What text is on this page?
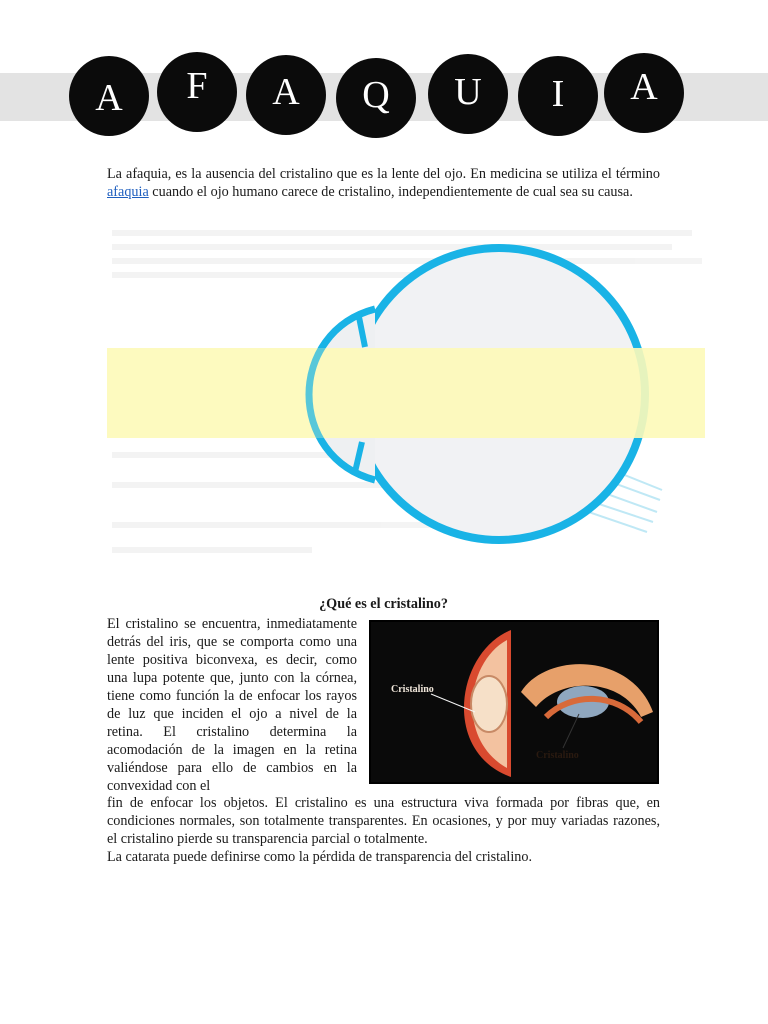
A F A Q U I A

La afaquia, es la ausencia del cristalino que es la lente del ojo. En medicina se utiliza el término afaquia cuando el ojo humano carece de cristalino, independientemente de cual sea su causa.

¿Qué es el cristalino?

El cristalino se encuentra, inmediatamente detrás del iris, que se comporta como una lente positiva biconvexa, es decir, como una lupa potente que, junto con la córnea, tiene como función la de enfocar los rayos de luz que inciden el ojo a nivel de la retina. El cristalino determina la acomodación de la imagen en la retina valiéndose para ello de cambios en la convexidad con el

Cristalino
Cristalino

fin de enfocar los objetos. El cristalino es una estructura viva formada por fibras que, en condiciones normales, son totalmente transparentes. En ocasiones, y por muy variadas razones, el cristalino pierde su transparencia parcial o totalmente.

La catarata puede definirse como la pérdida de transparencia del cristalino.
